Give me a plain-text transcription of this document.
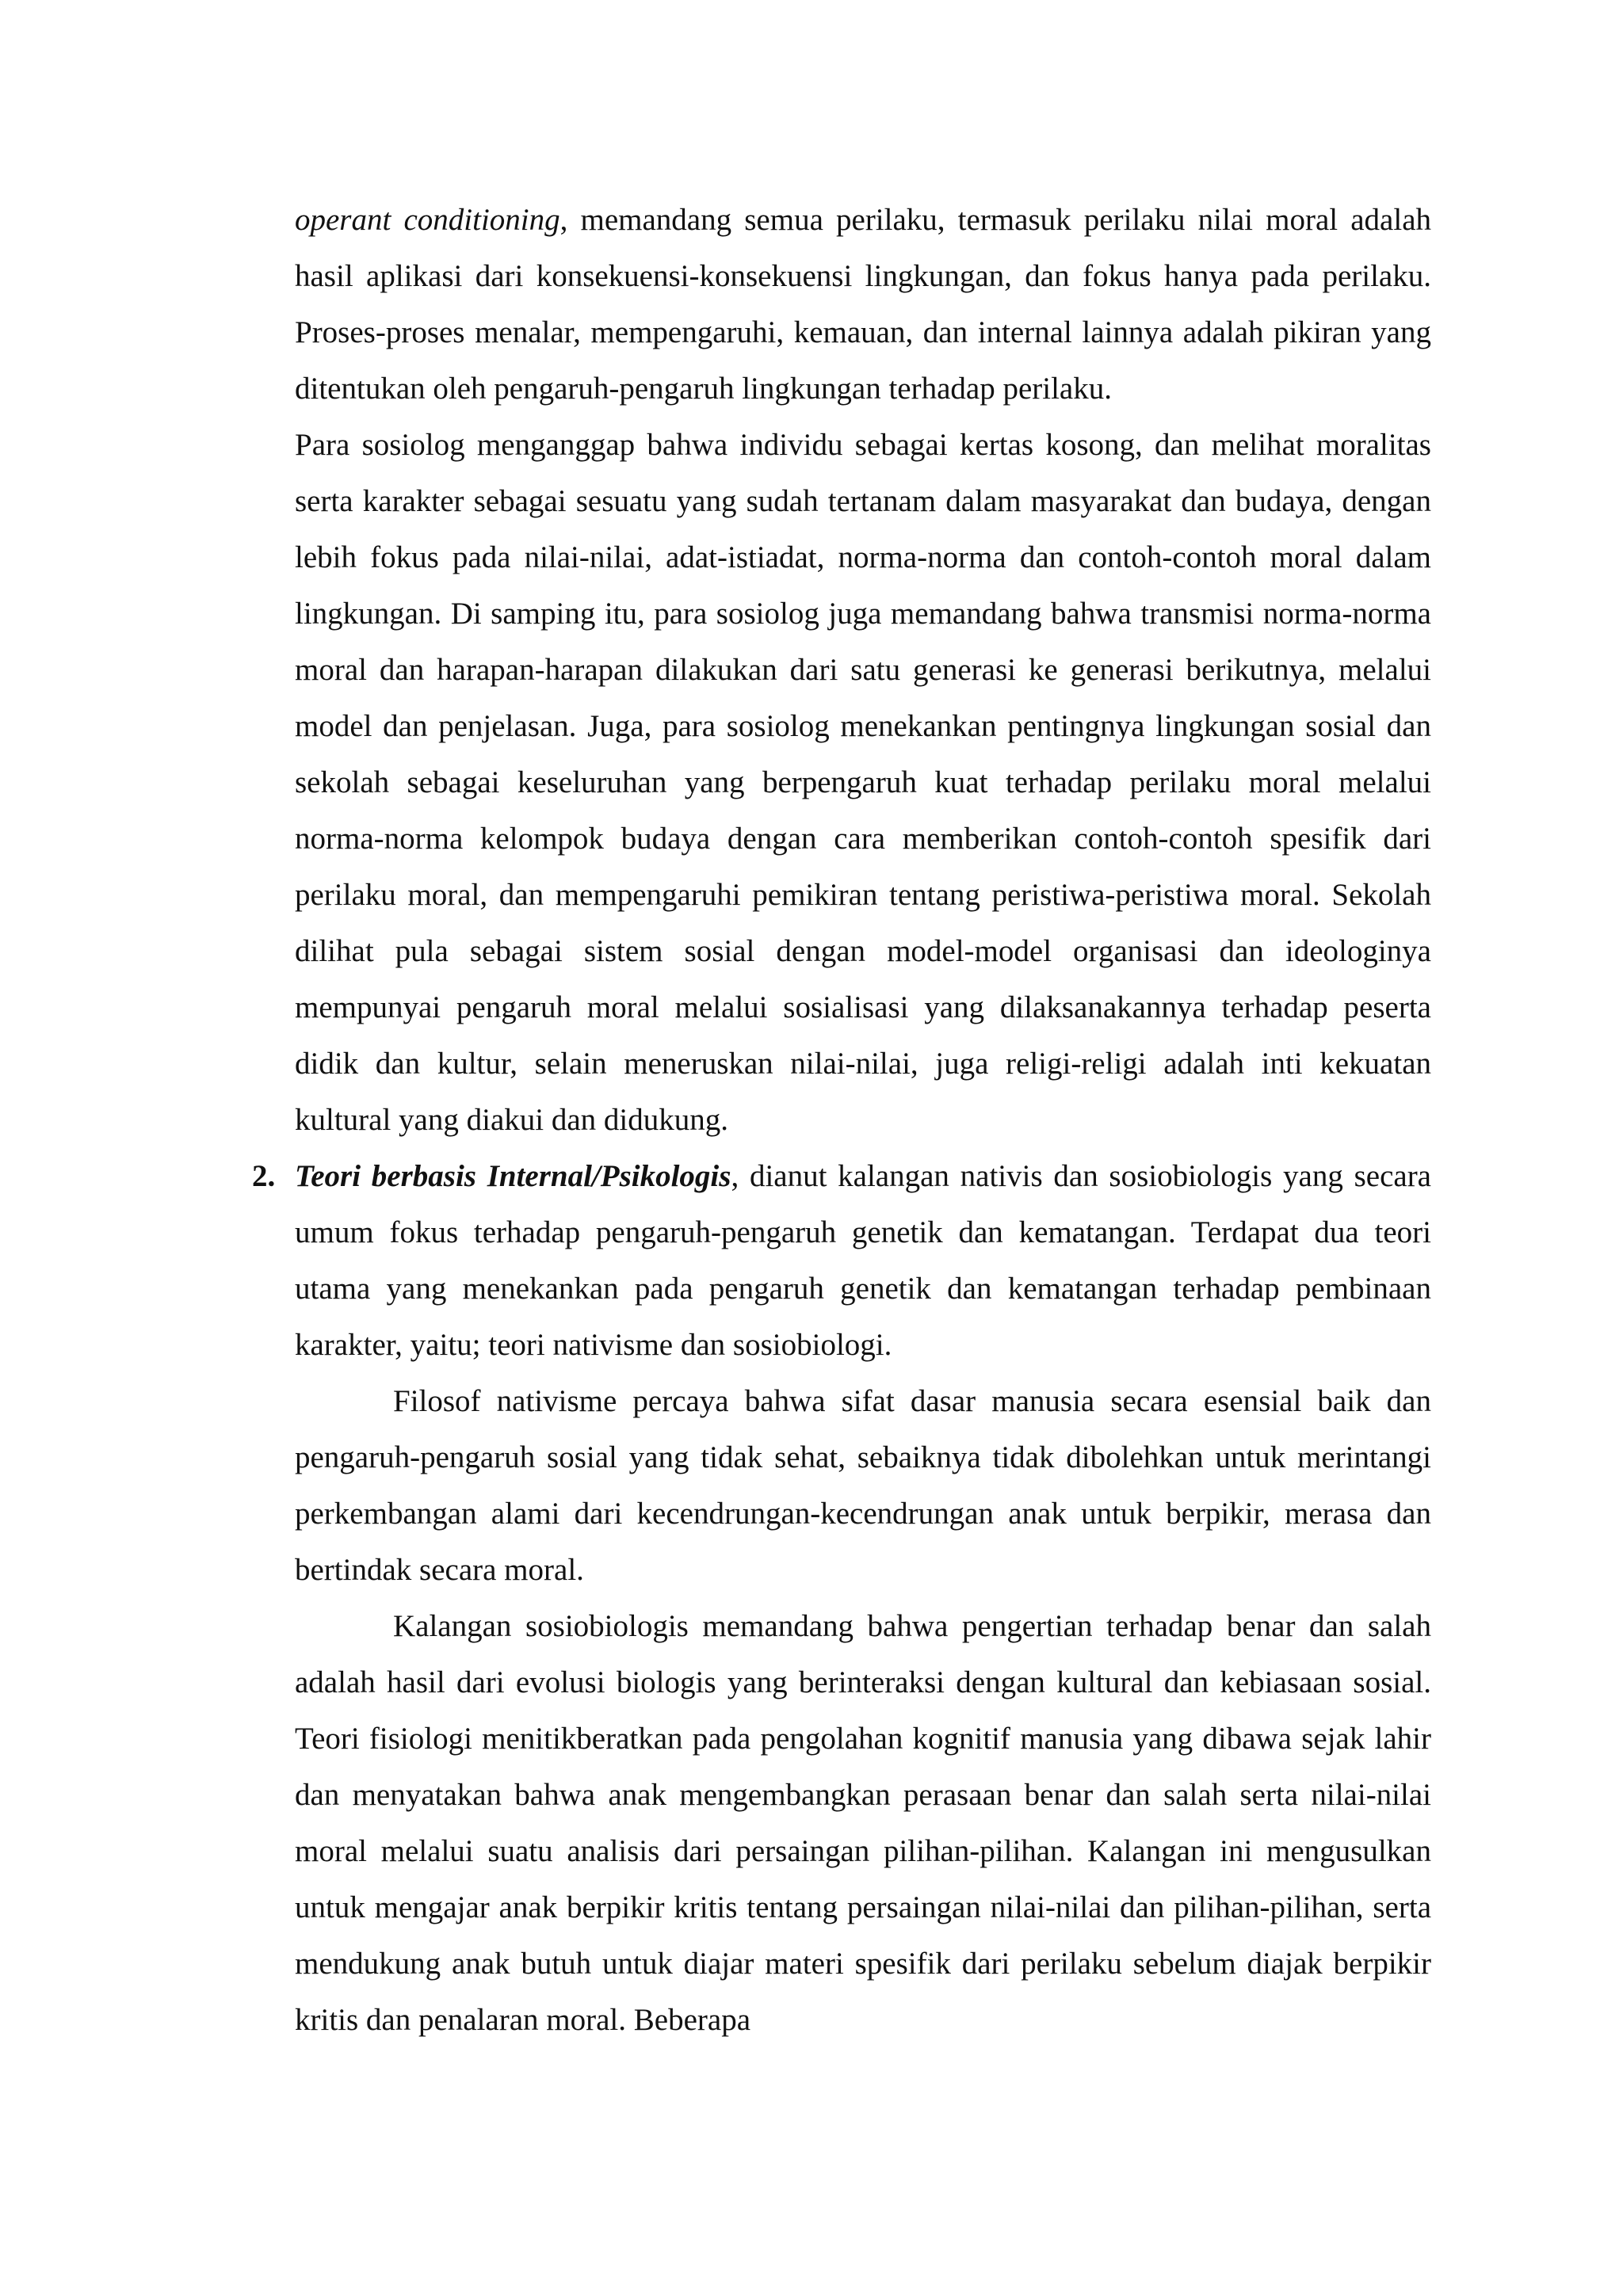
operant conditioning, memandang semua perilaku, termasuk perilaku nilai moral adalah hasil aplikasi dari konsekuensi-konsekuensi lingkungan, dan fokus hanya pada perilaku. Proses-proses menalar, mempengaruhi, kemauan, dan internal lainnya adalah pikiran yang ditentukan oleh pengaruh-pengaruh lingkungan terhadap perilaku.

Para sosiolog menganggap bahwa individu sebagai kertas kosong, dan melihat moralitas serta karakter sebagai sesuatu yang sudah tertanam dalam masyarakat dan budaya, dengan lebih fokus pada nilai-nilai, adat-istiadat, norma-norma dan contoh-contoh moral dalam lingkungan. Di samping itu, para sosiolog juga memandang bahwa transmisi norma-norma moral dan harapan-harapan dilakukan dari satu generasi ke generasi berikutnya, melalui model dan penjelasan. Juga, para sosiolog menekankan pentingnya lingkungan sosial dan sekolah sebagai keseluruhan yang berpengaruh kuat terhadap perilaku moral melalui norma-norma kelompok budaya dengan cara memberikan contoh-contoh spesifik dari perilaku moral, dan mempengaruhi pemikiran tentang peristiwa-peristiwa moral. Sekolah dilihat pula sebagai sistem sosial dengan model-model organisasi dan ideologinya mempunyai pengaruh moral melalui sosialisasi yang dilaksanakannya terhadap peserta didik dan kultur, selain meneruskan nilai-nilai, juga religi-religi adalah inti kekuatan kultural yang diakui dan didukung.

2. Teori berbasis Internal/Psikologis, dianut kalangan nativis dan sosiobiologis yang secara umum fokus terhadap pengaruh-pengaruh genetik dan kematangan. Terdapat dua teori utama yang menekankan pada pengaruh genetik dan kematangan terhadap pembinaan karakter, yaitu; teori nativisme dan sosiobiologi.

Filosof nativisme percaya bahwa sifat dasar manusia secara esensial baik dan pengaruh-pengaruh sosial yang tidak sehat, sebaiknya tidak dibolehkan untuk merintangi perkembangan alami dari kecendrungan-kecendrungan anak untuk berpikir, merasa dan bertindak secara moral.

Kalangan sosiobiologis memandang bahwa pengertian terhadap benar dan salah adalah hasil dari evolusi biologis yang berinteraksi dengan kultural dan kebiasaan sosial. Teori fisiologi menitikberatkan pada pengolahan kognitif manusia yang dibawa sejak lahir dan menyatakan bahwa anak mengembangkan perasaan benar dan salah serta nilai-nilai moral melalui suatu analisis dari persaingan pilihan-pilihan. Kalangan ini mengusulkan untuk mengajar anak berpikir kritis tentang persaingan nilai-nilai dan pilihan-pilihan, serta mendukung anak butuh untuk diajar materi spesifik dari perilaku sebelum diajak berpikir kritis dan penalaran moral. Beberapa
